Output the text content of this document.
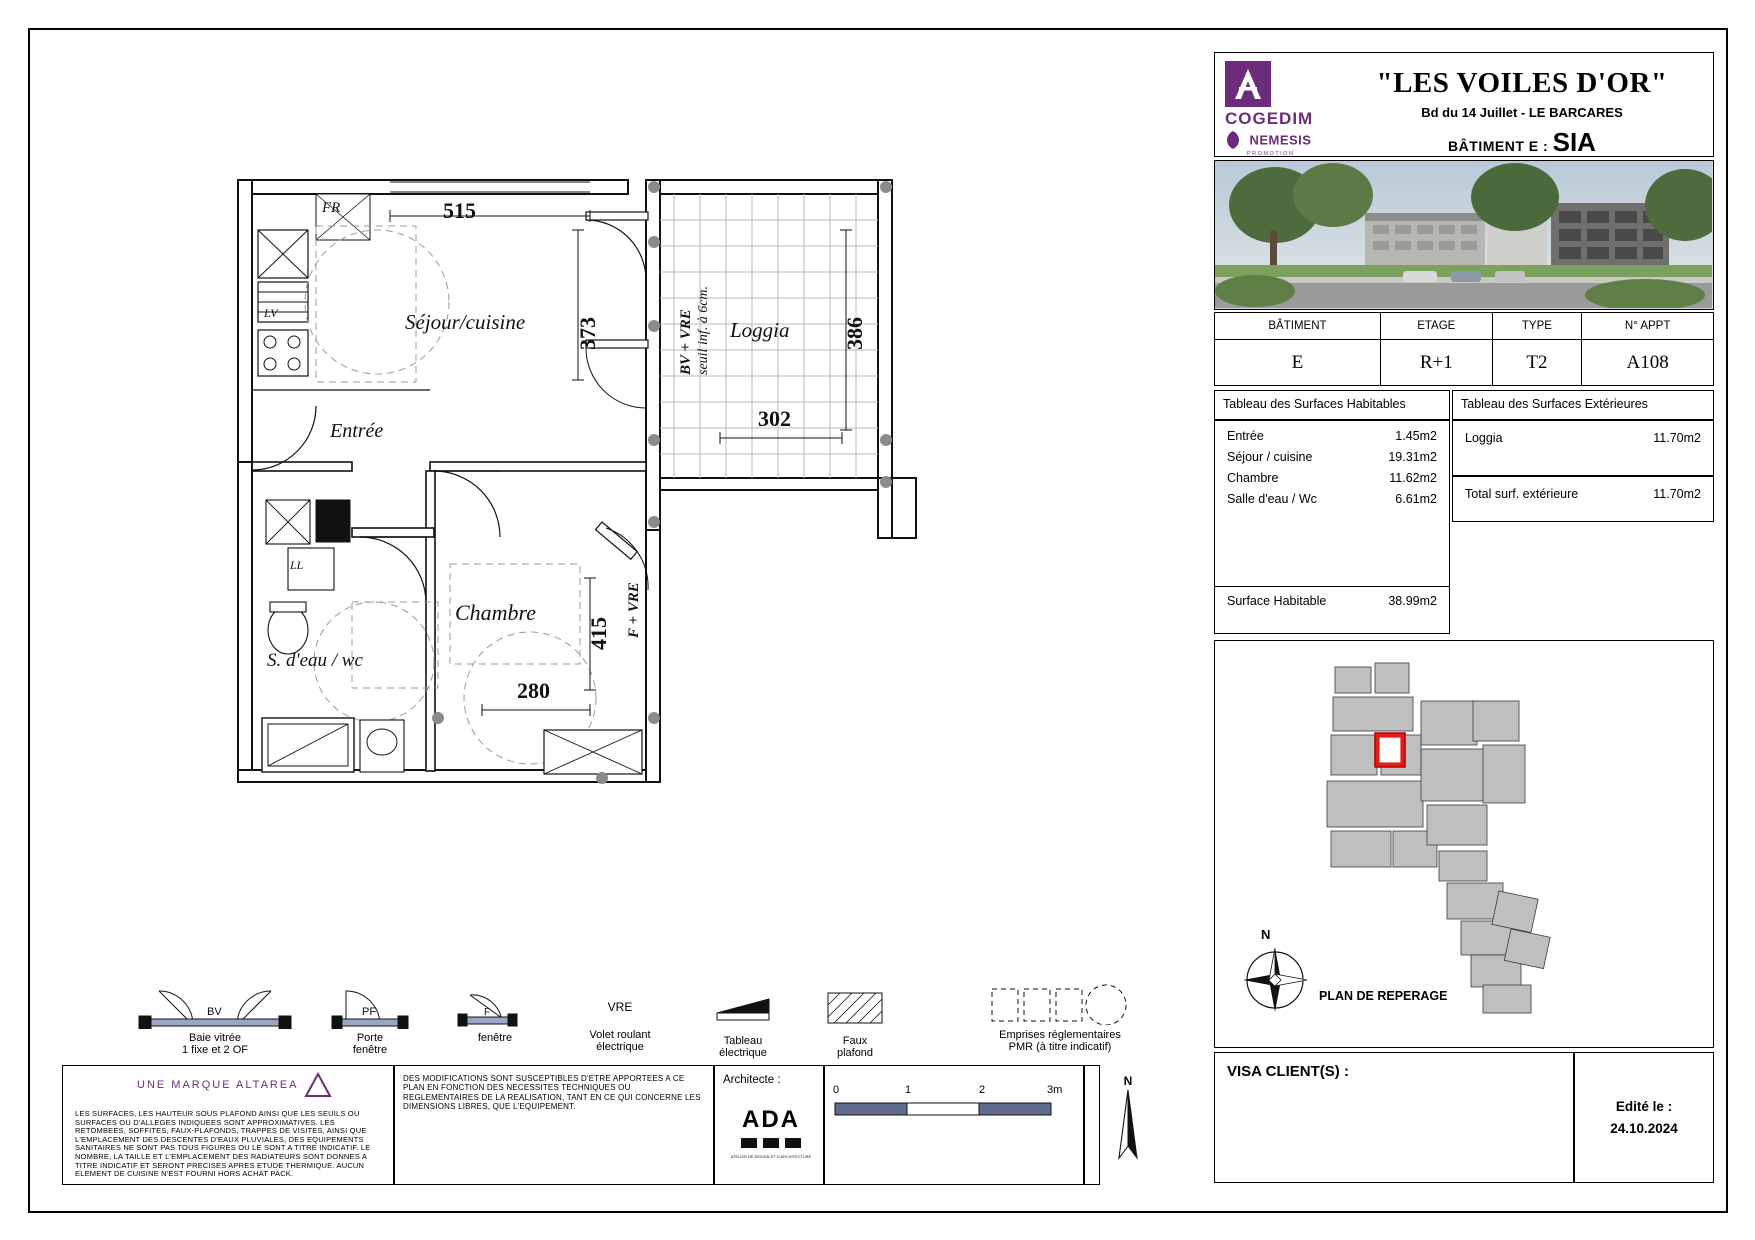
Séjour/cuisine
Entrée
Chambre
S. d'eau / wc
Loggia
FR
LV
LL
BV + VRE seuil inf. à 6cm.
F + VRE
515
373	386
302
415
280
BV
Baie vitrée
1 fixe et 2 OF
PF
Porte
fenêtre
F
fenêtre
VRE
Volet roulant
électrique	Tableau
électrique
Faux
plafond
Emprises réglementaires
PMR (à titre indicatif)
UNE MARQUE ALTAREA
LES SURFACES, LES HAUTEUR SOUS PLAFOND AINSI QUE LES SEUILS OU SURFACES OU D'ALLEGES INDIQUEES SONT APPROXIMATIVES. LES RETOMBEES, SOFFITES, FAUX-PLAFONDS, TRAPPES DE VISITES, AINSI QUE L'EMPLACEMENT DES DESCENTES D'EAUX PLUVIALES, DES EQUIPEMENTS SANITAIRES NE SONT PAS TOUS FIGURES OU LE SONT A TITRE INDICATIF. LE NOMBRE, LA TAILLE ET L'EMPLACEMENT DES RADIATEURS SONT DONNES A TITRE INDICATIF ET SERONT PRECISES APRES ETUDE THERMIQUE. AUCUN ELEMENT DE CUISINE N'EST FOURNI HORS ACHAT PACK.
DES MODIFICATIONS SONT SUSCEPTIBLES D'ETRE APPORTEES A CE PLAN EN FONCTION DES NECESSITES TECHNIQUES OU REGLEMENTAIRES DE LA REALISATION, TANT EN CE QUI CONCERNE LES DIMENSIONS LIBRES, QUE L'EQUIPEMENT.
Architecte :
ADA
ATELIER DE DESIGN ET D'ARCHITECTURE
0	1	2	3m
N
COGEDIM
NEMESIS
PROMOTION
"LES VOILES D'OR"
Bd du 14 Juillet - LE BARCARES
BÂTIMENT E : SIA
BÂTIMENT	ETAGE	TYPE	N° APPT
E	R+1	T2	A108
Tableau des Surfaces Habitables
Entrée	1.45m2
Séjour / cuisine	19.31m2
Chambre	11.62m2
Salle d'eau / Wc	6.61m2
Surface Habitable	38.99m2
Tableau des Surfaces Extérieures
Loggia	11.70m2
Total surf. extérieure	11.70m2
N
PLAN DE REPERAGE
VISA CLIENT(S) :
Edité le :
24.10.2024
